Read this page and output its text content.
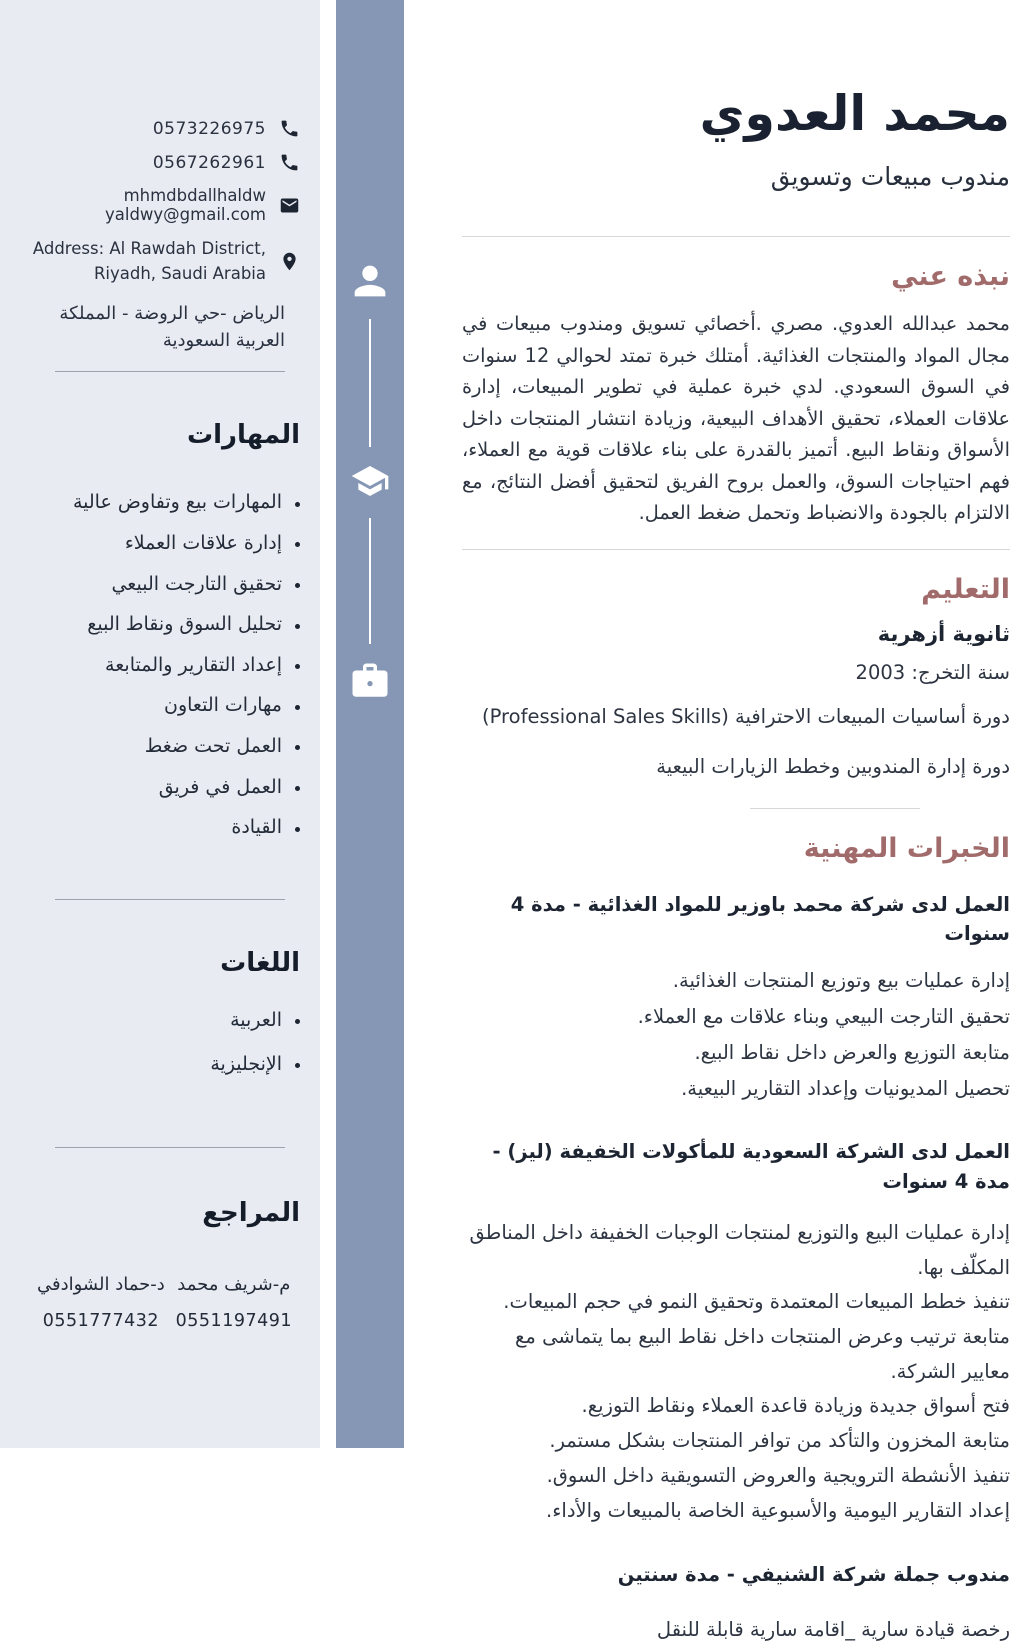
0573226975
0567262961
mhmdbdallhaldw yaldwy@gmail.com
Address: Al Rawdah District,
Riyadh, Saudi Arabia
الرياض -حي الروضة - المملكة العربية السعودية
المهارات
المهارات بيع وتفاوض عالية
إدارة علاقات العملاء
تحقيق التارجت البيعي
تحليل السوق ونقاط البيع
إعداد التقارير والمتابعة
مهارات التعاون
العمل تحت ضغط
العمل في فريق
القيادة
اللغات
العربية
الإنجليزية
المراجع
م-شريف محمد
0551197491
د-حماد الشوادفي
0551777432
محمد العدوي
مندوب مبيعات وتسويق
نبذه عني

محمد عبدالله العدوي. مصري .أخصائي تسويق ومندوب مبيعات في مجال المواد والمنتجات الغذائية. أمتلك خبرة تمتد لحوالي 12 سنوات في السوق السعودي. لدي خبرة عملية في تطوير المبيعات، إدارة علاقات العملاء، تحقيق الأهداف البيعية، وزيادة انتشار المنتجات داخل الأسواق ونقاط البيع. أتميز بالقدرة على بناء علاقات قوية مع العملاء، فهم احتياجات السوق، والعمل بروح الفريق لتحقيق أفضل النتائج، مع الالتزام بالجودة والانضباط وتحمل ضغط العمل.

التعليم
ثانوية أزهرية
سنة التخرج: 2003
دورة أساسيات المبيعات الاحترافية (Professional Sales Skills)
دورة إدارة المندوبين وخطط الزيارات البيعية
الخبرات المهنية
العمل لدى شركة محمد باوزير للمواد الغذائية - مدة 4 سنوات
إدارة عمليات بيع وتوزيع المنتجات الغذائية.
تحقيق التارجت البيعي وبناء علاقات مع العملاء.
متابعة التوزيع والعرض داخل نقاط البيع.
تحصيل المديونيات وإعداد التقارير البيعية.
العمل لدى الشركة السعودية للمأكولات الخفيفة (ليز) - مدة 4 سنوات
إدارة عمليات البيع والتوزيع لمنتجات الوجبات الخفيفة داخل المناطق المكلّف بها.
تنفيذ خطط المبيعات المعتمدة وتحقيق النمو في حجم المبيعات.
متابعة ترتيب وعرض المنتجات داخل نقاط البيع بما يتماشى مع معايير الشركة.
فتح أسواق جديدة وزيادة قاعدة العملاء ونقاط التوزيع.
متابعة المخزون والتأكد من توافر المنتجات بشكل مستمر.
تنفيذ الأنشطة الترويجية والعروض التسويقية داخل السوق.
إعداد التقارير اليومية والأسبوعية الخاصة بالمبيعات والأداء.
مندوب جملة شركة الشنيفي - مدة سنتين
رخصة قيادة سارية _اقامة سارية قابلة للنقل
